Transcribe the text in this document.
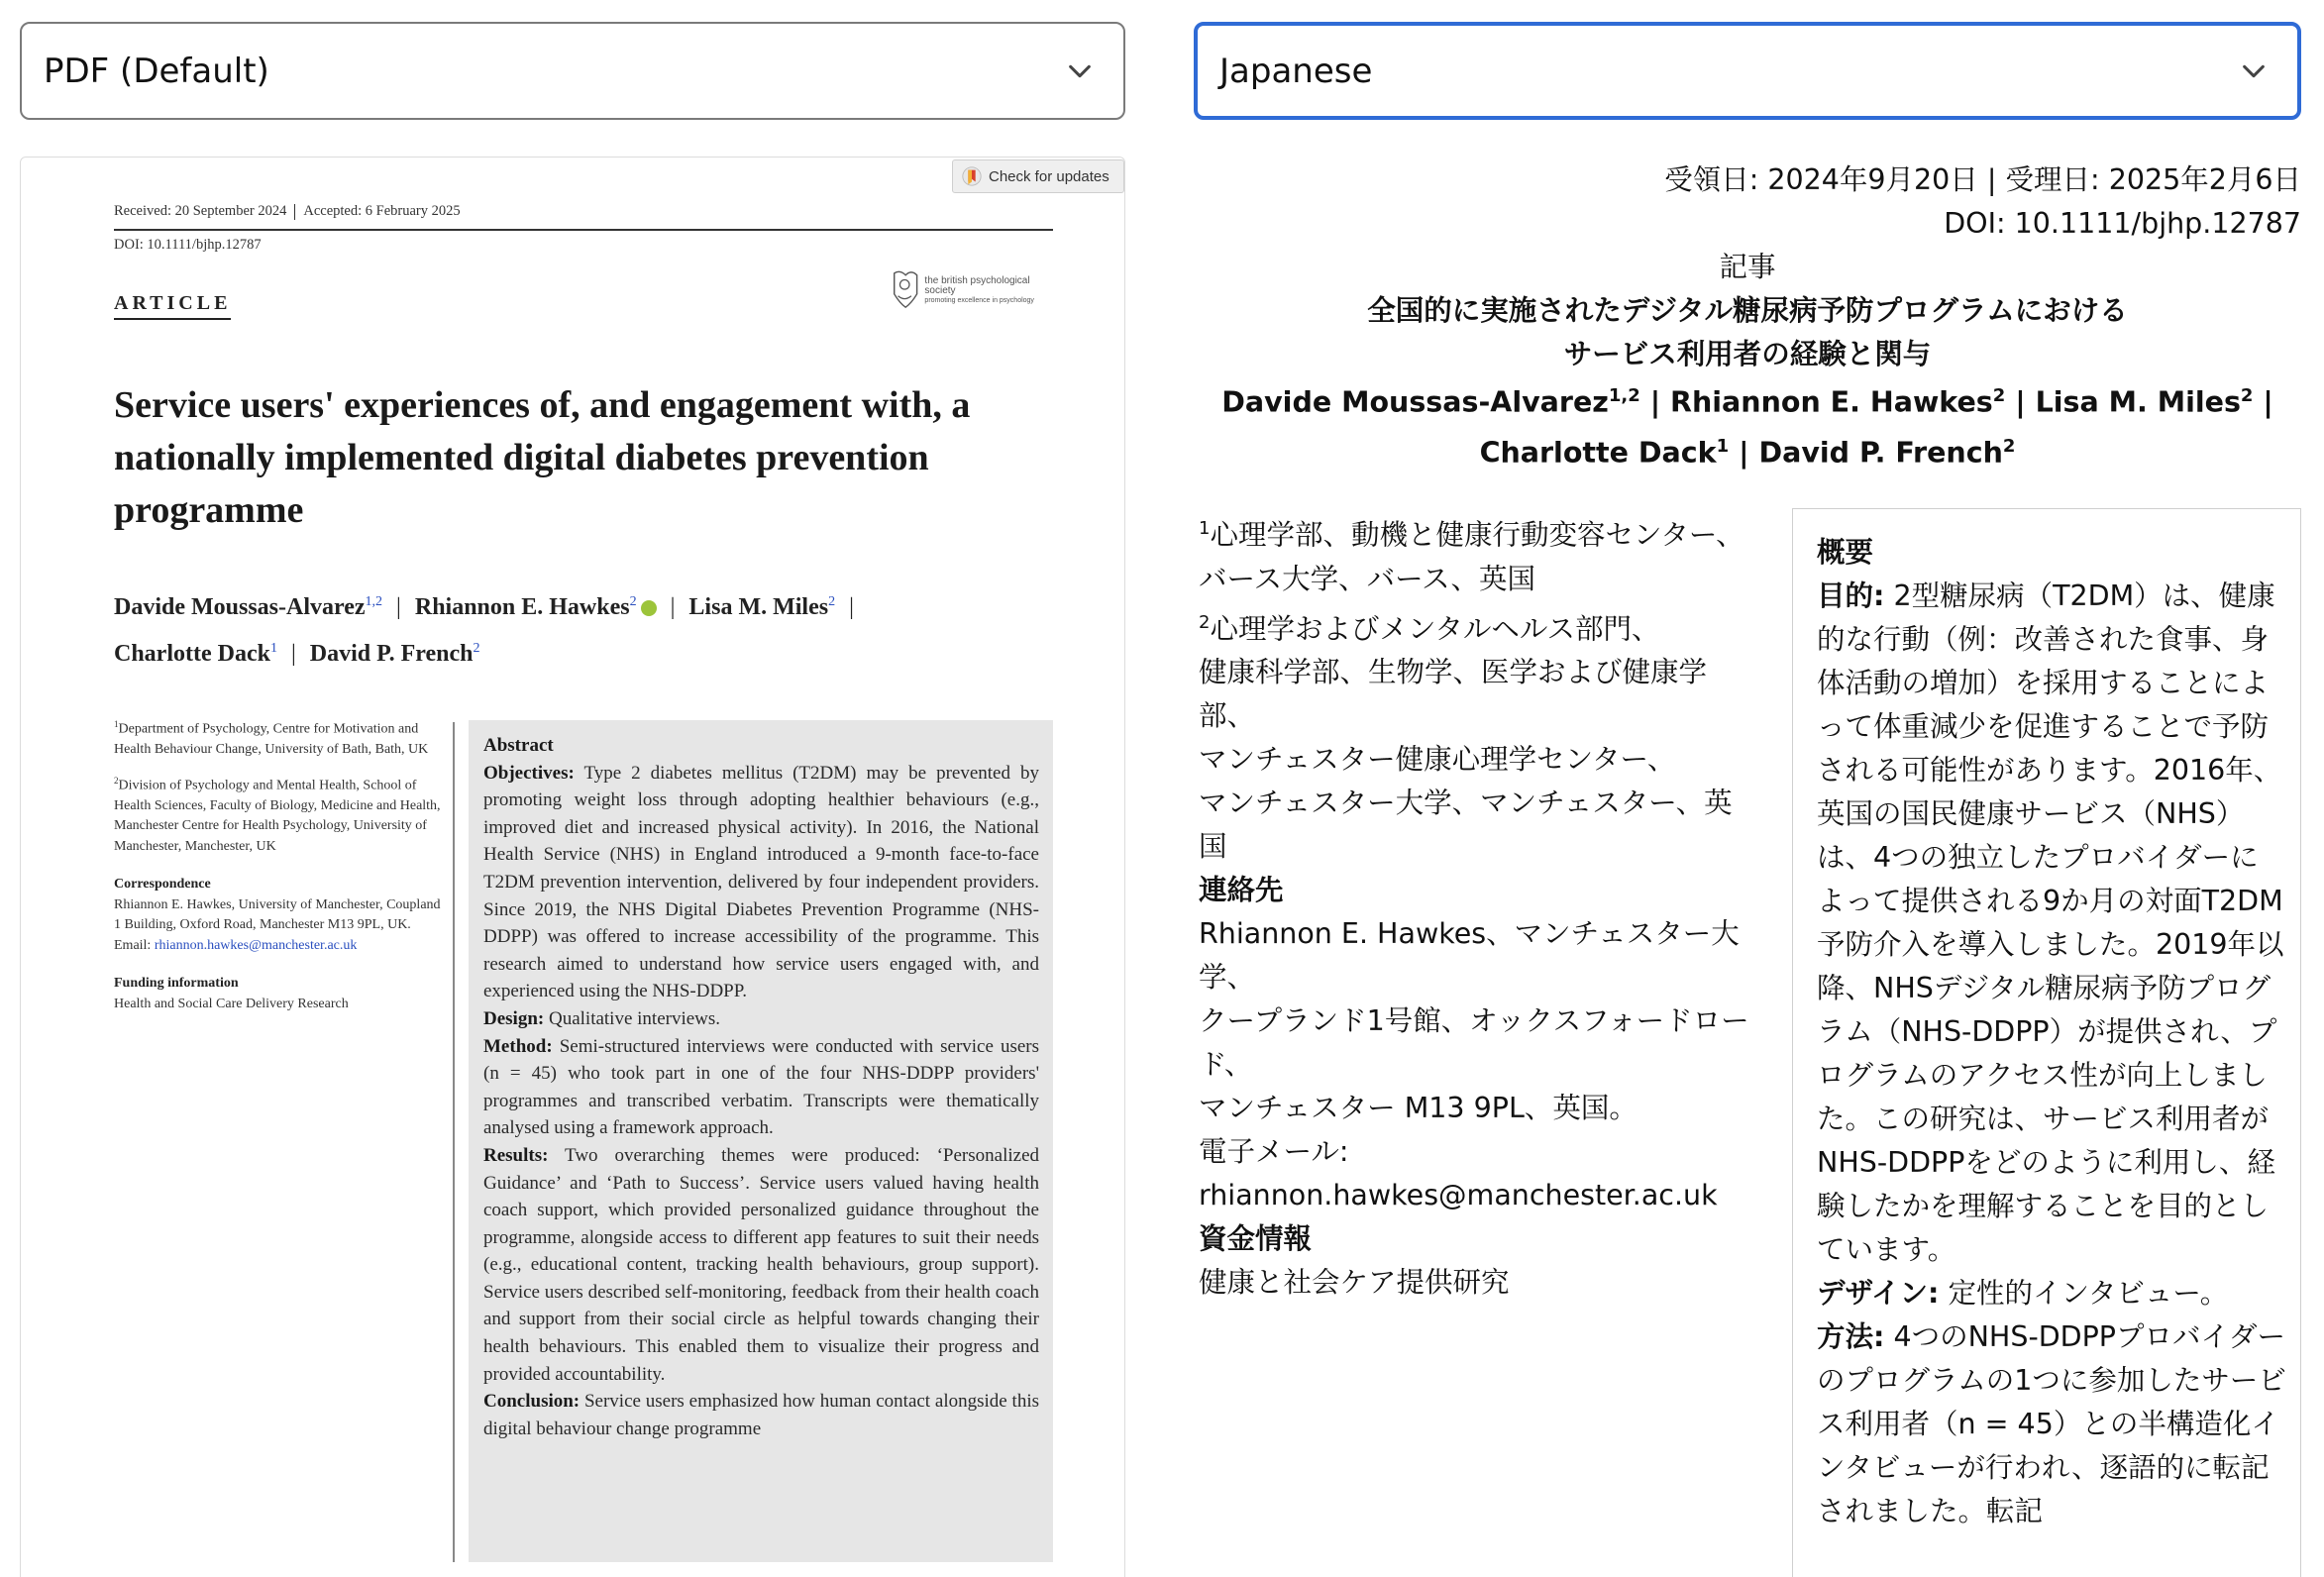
PDF (Default)	Japanese
Check for updates
Received: 20 September 2024 Accepted: 6 February 2025
DOI: 10.1111/bjhp.12787
ARTICLE
the british psychological society
promoting excellence in psychology
Service users' experiences of, and engagement with, a nationally implemented digital diabetes prevention programme
Davide Moussas-Alvarez$^{1,2}$ | Rhiannon E. Hawkes$^2$ | Lisa M. Miles$^2$ |
Charlotte Dack$^1$ | David P. French$^2$
$^1$Department of Psychology, Centre for Motivation and Health Behaviour Change, University of Bath, Bath, UK
$^2$Division of Psychology and Mental Health, School of Health Sciences, Faculty of Biology, Medicine and Health, Manchester Centre for Health Psychology, University of Manchester, Manchester, UK
Correspondence
Rhiannon E. Hawkes, University of Manchester, Coupland 1 Building, Oxford Road, Manchester M13 9PL, UK.
Email: rhiannon.hawkes@manchester.ac.uk
Funding information
Health and Social Care Delivery Research
Abstract
Objectives: Type 2 diabetes mellitus (T2DM) may be prevented by promoting weight loss through adopting healthier behaviours (e.g., improved diet and increased physical activity). In 2016, the National Health Service (NHS) in England introduced a 9-month face-to-face T2DM prevention intervention, delivered by four independent providers. Since 2019, the NHS Digital Diabetes Prevention Programme (NHS-DDPP) was offered to increase accessibility of the programme. This research aimed to understand how service users engaged with, and experienced using the NHS-DDPP.
Design: Qualitative interviews.
Method: Semi-structured interviews were conducted with service users (n = 45) who took part in one of the four NHS-DDPP providers' programmes and transcribed verbatim. Transcripts were thematically analysed using a framework approach.
Results: Two overarching themes were produced: ‘Personalized Guidance’ and ‘Path to Success’. Service users valued having health coach support, which provided personalized guidance throughout the programme, alongside access to different app features to suit their needs (e.g., educational content, tracking health behaviours, group support). Service users described self-monitoring, feedback from their health coach and support from their social circle as helpful towards changing their health behaviours. This enabled them to visualize their progress and provided accountability.
Conclusion: Service users emphasized how human contact alongside this digital behaviour change programme
受領日: 2024年9月20日 | 受理日: 2025年2月6日
DOI: 10.1111/bjhp.12787
記事
全国的に実施されたデジタル糖尿病予防プログラムにおける
サービス利用者の経験と関与
Davide Moussas-Alvarez$^{1,2}$ | Rhiannon E. Hawkes$^2$ | Lisa M. Miles$^2$ |
Charlotte Dack$^1$ | David P. French$^2$
$^1$心理学部、動機と健康行動変容センター、
バース大学、バース、英国
$^2$心理学およびメンタルヘルス部門、
健康科学部、生物学、医学および健康学部、
マンチェスター健康心理学センター、
マンチェスター大学、マンチェスター、英国
連絡先
Rhiannon E. Hawkes、マンチェスター大学、
クープランド1号館、オックスフォードロード、
マンチェスター M13 9PL、英国。
電子メール:
rhiannon.hawkes@manchester.ac.uk
資金情報
健康と社会ケア提供研究
概要
目的: 2型糖尿病（T2DM）は、健康的な行動（例：改善された食事、身体活動の増加）を採用することによって体重減少を促進することで予防される可能性があります。2016年、英国の国民健康サービス（NHS）は、4つの独立したプロバイダーによって提供される9か月の対面T2DM予防介入を導入しました。2019年以降、NHSデジタル糖尿病予防プログラム（NHS-DDPP）が提供され、プログラムのアクセス性が向上しました。この研究は、サービス利用者がNHS-DDPPをどのように利用し、経験したかを理解することを目的としています。
デザイン: 定性的インタビュー。
方法: 4つのNHS-DDPPプロバイダーのプログラムの1つに参加したサービス利用者（n = 45）との半構造化インタビューが行われ、逐語的に転記されました。転記
